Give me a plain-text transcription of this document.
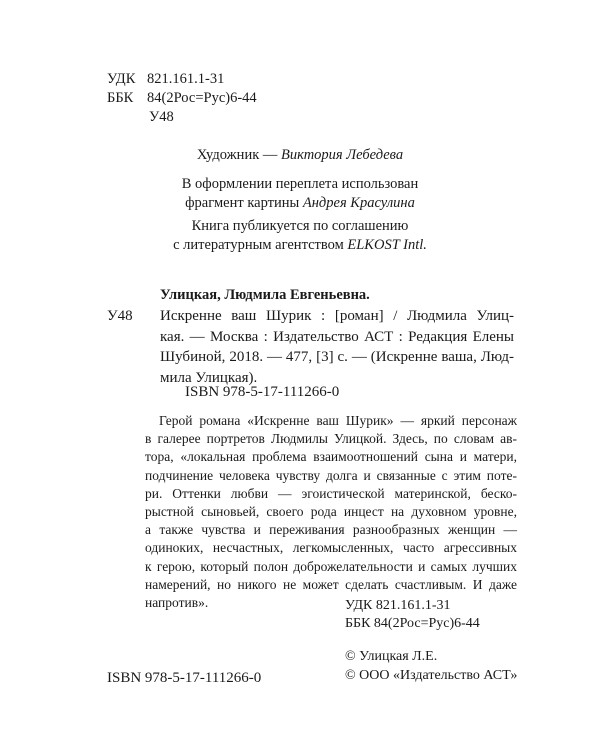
УДК 821.161.1-31
ББК 84(2Рос=Рус)6-44
У48
Художник — Виктория Лебедева
В оформлении переплета использован
фрагмент картины Андрея Красулина
Книга публикуется по соглашению
с литературным агентством ELKOST Intl.
Улицкая, Людмила Евгеньевна.
У48 Искренне ваш Шурик : [роман] / Людмила Улиц-
кая. — Москва : Издательство АСТ : Редакция Елены
Шубиной, 2018. — 477, [3] с. — (Искренне ваша, Люд-
мила Улицкая).
ISBN 978-5-17-111266-0
Герой романа «Искренне ваш Шурик» — яркий персонаж
в галерее портретов Людмилы Улицкой. Здесь, по словам ав-
тора, «локальная проблема взаимоотношений сына и матери,
подчинение человека чувству долга и связанные с этим поте-
ри. Оттенки любви — эгоистической материнской, беско-
рыстной сыновьей, своего рода инцест на духовном уровне,
а также чувства и переживания разнообразных женщин —
одиноких, несчастных, легкомысленных, часто агрессивных
к герою, который полон доброжелательности и самых лучших
намерений, но никого не может сделать счастливым. И даже
напротив».	УДК 821.161.1-31
ББК 84(2Рос=Рус)6-44
© Улицкая Л.Е.
© ООО «Издательство АСТ»
ISBN 978-5-17-111266-0
